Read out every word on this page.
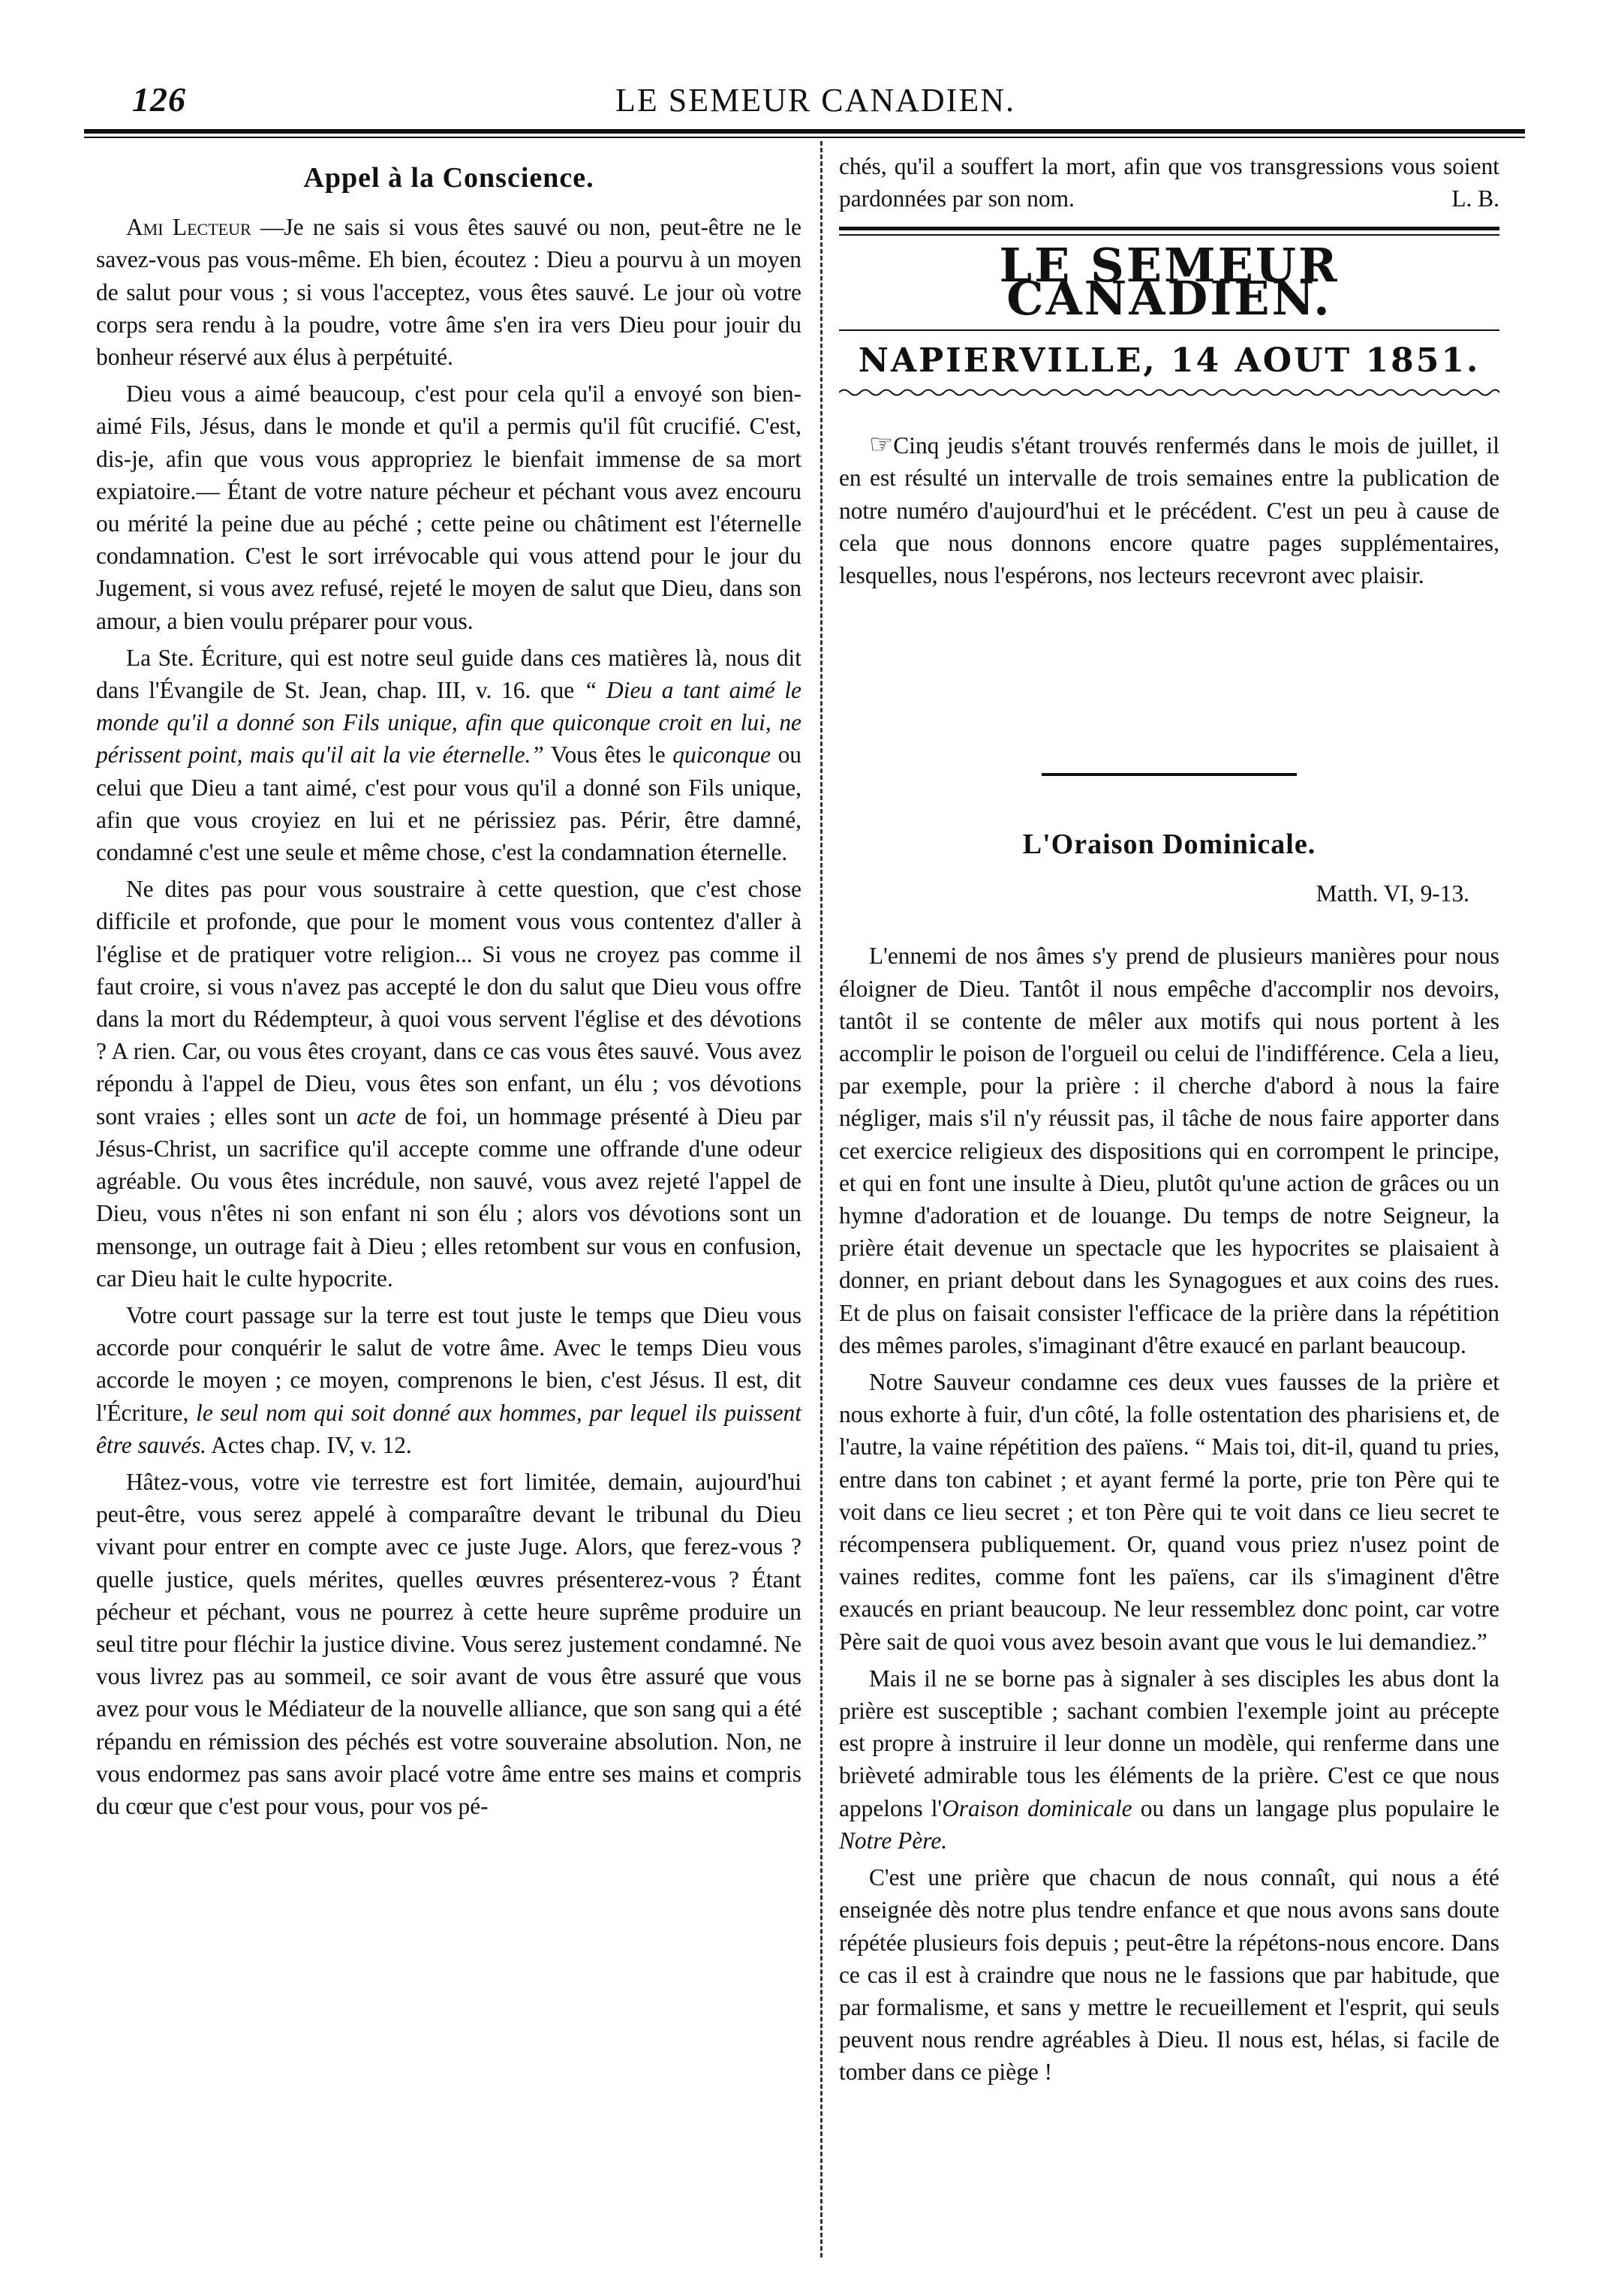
126	LE SEMEUR CANADIEN.
Appel à la Conscience.

Ami Lecteur —Je ne sais si vous êtes sauvé ou non, peut-être ne le savez-vous pas vous-même. Eh bien, écoutez : Dieu a pourvu à un moyen de salut pour vous ; si vous l'acceptez, vous êtes sauvé. Le jour où votre corps sera rendu à la poudre, votre âme s'en ira vers Dieu pour jouir du bonheur réservé aux élus à perpétuité.

Dieu vous a aimé beaucoup, c'est pour cela qu'il a envoyé son bien-aimé Fils, Jésus, dans le monde et qu'il a permis qu'il fût crucifié. C'est, dis-je, afin que vous vous appropriez le bienfait immense de sa mort expiatoire.— Étant de votre nature pécheur et péchant vous avez encouru ou mérité la peine due au péché ; cette peine ou châtiment est l'éternelle condamnation. C'est le sort irrévocable qui vous attend pour le jour du Jugement, si vous avez refusé, rejeté le moyen de salut que Dieu, dans son amour, a bien voulu préparer pour vous.

La Ste. Écriture, qui est notre seul guide dans ces matières là, nous dit dans l'Évangile de St. Jean, chap. III, v. 16. que “ Dieu a tant aimé le monde qu'il a donné son Fils unique, afin que quiconque croit en lui, ne périssent point, mais qu'il ait la vie éternelle.” Vous êtes le quiconque ou celui que Dieu a tant aimé, c'est pour vous qu'il a donné son Fils unique, afin que vous croyiez en lui et ne périssiez pas. Périr, être damné, condamné c'est une seule et même chose, c'est la condamnation éternelle.

Ne dites pas pour vous soustraire à cette question, que c'est chose difficile et profonde, que pour le moment vous vous contentez d'aller à l'église et de pratiquer votre religion... Si vous ne croyez pas comme il faut croire, si vous n'avez pas accepté le don du salut que Dieu vous offre dans la mort du Rédempteur, à quoi vous servent l'église et des dévotions ? A rien. Car, ou vous êtes croyant, dans ce cas vous êtes sauvé. Vous avez répondu à l'appel de Dieu, vous êtes son enfant, un élu ; vos dévotions sont vraies ; elles sont un acte de foi, un hommage présenté à Dieu par Jésus-Christ, un sacrifice qu'il accepte comme une offrande d'une odeur agréable. Ou vous êtes incrédule, non sauvé, vous avez rejeté l'appel de Dieu, vous n'êtes ni son enfant ni son élu ; alors vos dévotions sont un mensonge, un outrage fait à Dieu ; elles retombent sur vous en confusion, car Dieu hait le culte hypocrite.

Votre court passage sur la terre est tout juste le temps que Dieu vous accorde pour conquérir le salut de votre âme. Avec le temps Dieu vous accorde le moyen ; ce moyen, comprenons le bien, c'est Jésus. Il est, dit l'Écriture, le seul nom qui soit donné aux hommes, par lequel ils puissent être sauvés. Actes chap. IV, v. 12.

Hâtez-vous, votre vie terrestre est fort limitée, demain, aujourd'hui peut-être, vous serez appelé à comparaître devant le tribunal du Dieu vivant pour entrer en compte avec ce juste Juge. Alors, que ferez-vous ? quelle justice, quels mérites, quelles œuvres présenterez-vous ? Étant pécheur et péchant, vous ne pourrez à cette heure suprême produire un seul titre pour fléchir la justice divine. Vous serez justement condamné. Ne vous livrez pas au sommeil, ce soir avant de vous être assuré que vous avez pour vous le Médiateur de la nouvelle alliance, que son sang qui a été répandu en rémission des péchés est votre souveraine absolution. Non, ne vous endormez pas sans avoir placé votre âme entre ses mains et compris du cœur que c'est pour vous, pour vos pé-

chés, qu'il a souffert la mort, afin que vos transgressions vous soient pardonnées par son nom.	L. B.

LE SEMEUR CANADIEN.
NAPIERVILLE, 14 AOUT 1851.

☞Cinq jeudis s'étant trouvés renfermés dans le mois de juillet, il en est résulté un intervalle de trois semaines entre la publication de notre numéro d'aujourd'hui et le précédent. C'est un peu à cause de cela que nous donnons encore quatre pages supplémentaires, lesquelles, nous l'espérons, nos lecteurs recevront avec plaisir.

L'Oraison Dominicale.
Matth. VI, 9-13.

L'ennemi de nos âmes s'y prend de plusieurs manières pour nous éloigner de Dieu. Tantôt il nous empêche d'accomplir nos devoirs, tantôt il se contente de mêler aux motifs qui nous portent à les accomplir le poison de l'orgueil ou celui de l'indifférence. Cela a lieu, par exemple, pour la prière : il cherche d'abord à nous la faire négliger, mais s'il n'y réussit pas, il tâche de nous faire apporter dans cet exercice religieux des dispositions qui en corrompent le principe, et qui en font une insulte à Dieu, plutôt qu'une action de grâces ou un hymne d'adoration et de louange. Du temps de notre Seigneur, la prière était devenue un spectacle que les hypocrites se plaisaient à donner, en priant debout dans les Synagogues et aux coins des rues. Et de plus on faisait consister l'efficace de la prière dans la répétition des mêmes paroles, s'imaginant d'être exaucé en parlant beaucoup.

Notre Sauveur condamne ces deux vues fausses de la prière et nous exhorte à fuir, d'un côté, la folle ostentation des pharisiens et, de l'autre, la vaine répétition des païens. “ Mais toi, dit-il, quand tu pries, entre dans ton cabinet ; et ayant fermé la porte, prie ton Père qui te voit dans ce lieu secret ; et ton Père qui te voit dans ce lieu secret te récompensera publiquement. Or, quand vous priez n'usez point de vaines redites, comme font les païens, car ils s'imaginent d'être exaucés en priant beaucoup. Ne leur ressemblez donc point, car votre Père sait de quoi vous avez besoin avant que vous le lui demandiez.”

Mais il ne se borne pas à signaler à ses disciples les abus dont la prière est susceptible ; sachant combien l'exemple joint au précepte est propre à instruire il leur donne un modèle, qui renferme dans une brièveté admirable tous les éléments de la prière. C'est ce que nous appelons l'Oraison dominicale ou dans un langage plus populaire le Notre Père.

C'est une prière que chacun de nous connaît, qui nous a été enseignée dès notre plus tendre enfance et que nous avons sans doute répétée plusieurs fois depuis ; peut-être la répétons-nous encore. Dans ce cas il est à craindre que nous ne le fassions que par habitude, que par formalisme, et sans y mettre le recueillement et l'esprit, qui seuls peuvent nous rendre agréables à Dieu. Il nous est, hélas, si facile de tomber dans ce piège !
